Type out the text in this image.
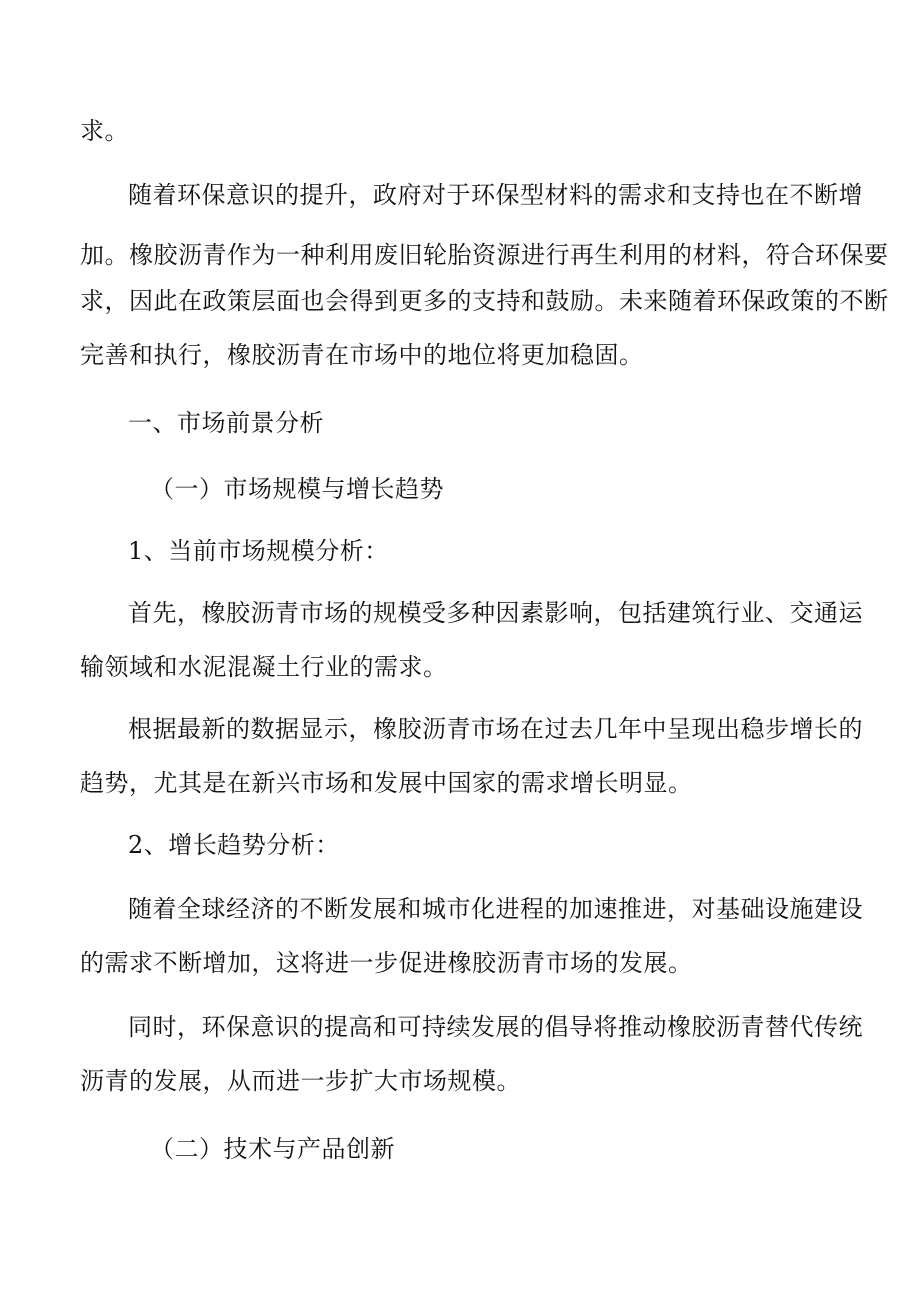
求。
随着环保意识的提升，政府对于环保型材料的需求和支持也在不断增
加。橡胶沥青作为一种利用废旧轮胎资源进行再生利用的材料，符合环保要
求，因此在政策层面也会得到更多的支持和鼓励。未来随着环保政策的不断
完善和执行，橡胶沥青在市场中的地位将更加稳固。
一、市场前景分析
（一）市场规模与增长趋势
1、当前市场规模分析：
首先，橡胶沥青市场的规模受多种因素影响，包括建筑行业、交通运
输领域和水泥混凝土行业的需求。
根据最新的数据显示，橡胶沥青市场在过去几年中呈现出稳步增长的
趋势，尤其是在新兴市场和发展中国家的需求增长明显。
2、增长趋势分析：
随着全球经济的不断发展和城市化进程的加速推进，对基础设施建设
的需求不断增加，这将进一步促进橡胶沥青市场的发展。
同时，环保意识的提高和可持续发展的倡导将推动橡胶沥青替代传统
沥青的发展，从而进一步扩大市场规模。
（二）技术与产品创新
